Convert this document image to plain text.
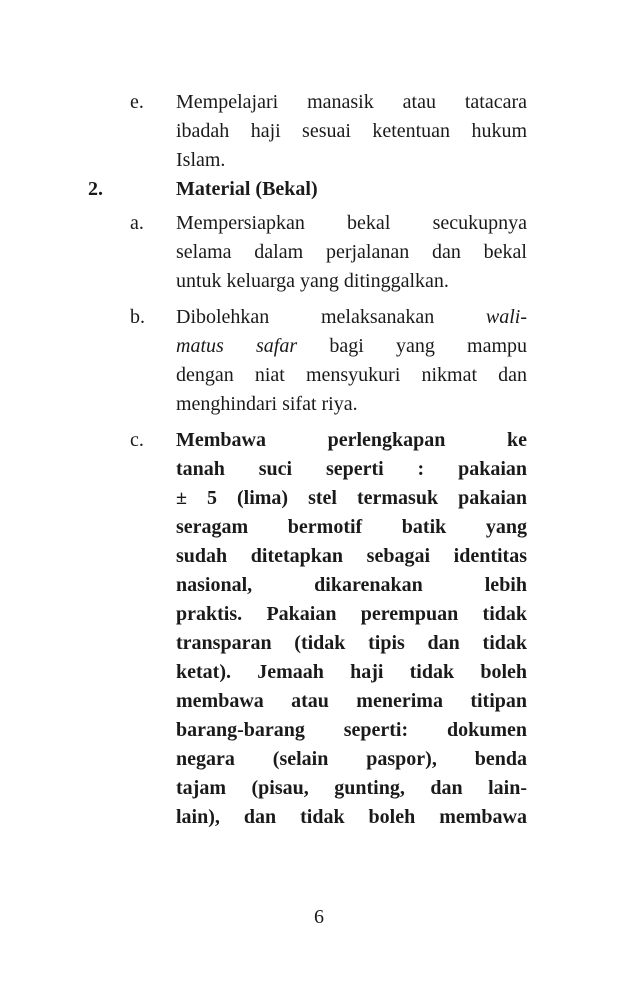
e. Mempelajari manasik atau tatacara
ibadah haji sesuai ketentuan hukum
Islam.
2.	Material (Bekal)
a. Mempersiapkan bekal secukupnya
selama dalam perjalanan dan bekal
untuk keluarga yang ditinggalkan.
b. Dibolehkan melaksanakan	wali-
matus safar bagi yang mampu
dengan niat mensyukuri nikmat dan
menghindari sifat riya.
c. Membawa perlengkapan ke
tanah suci seperti : pakaian
± 5 (lima) stel termasuk pakaian
seragam bermotif batik yang
sudah ditetapkan sebagai identitas
nasional, dikarenakan lebih
praktis. Pakaian perempuan tidak
transparan (tidak tipis dan tidak
ketat). Jemaah haji tidak boleh
membawa atau menerima titipan
barang-barang seperti: dokumen
negara (selain paspor), benda
tajam (pisau, gunting, dan lain-
lain), dan tidak boleh membawa
6
